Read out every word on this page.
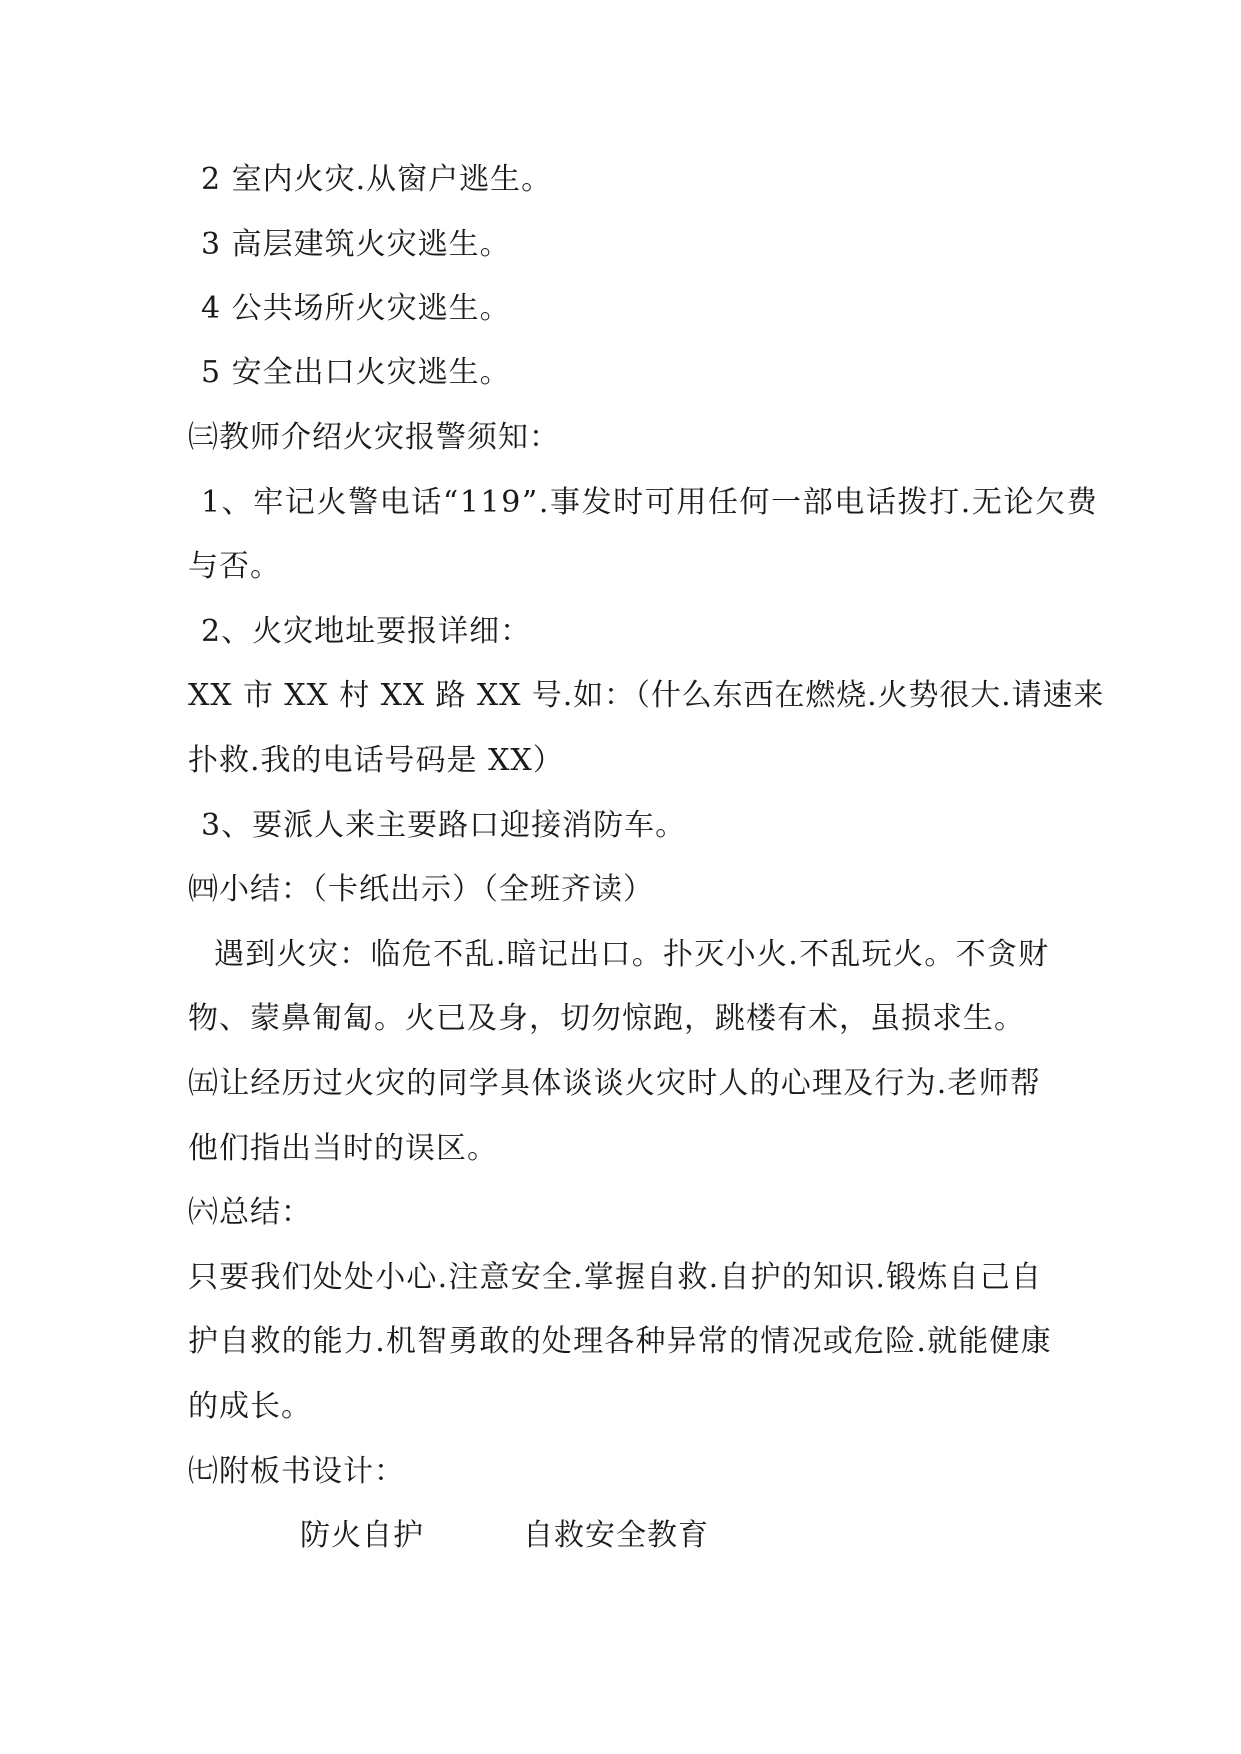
2 室内火灾.从窗户逃生。

3 高层建筑火灾逃生。

4 公共场所火灾逃生。

5 安全出口火灾逃生。

㈢教师介绍火灾报警须知：

1、牢记火警电话“119”.事发时可用任何一部电话拨打.无论欠费

与否。

2、火灾地址要报详细：

XX 市 XX 村 XX 路 XX 号.如：（什么东西在燃烧.火势很大.请速来

扑救.我的电话号码是 XX）

3、要派人来主要路口迎接消防车。

㈣小结：（卡纸出示）（全班齐读）

遇到火灾：临危不乱.暗记出口。扑灭小火.不乱玩火。不贪财

物、蒙鼻匍匐。火已及身，切勿惊跑，跳楼有术，虽损求生。

㈤让经历过火灾的同学具体谈谈火灾时人的心理及行为.老师帮

他们指出当时的误区。

㈥总结：

只要我们处处小心.注意安全.掌握自救.自护的知识.锻炼自己自

护自救的能力.机智勇敢的处理各种异常的情况或危险.就能健康

的成长。

㈦附板书设计：

防火自护	自救安全教育
